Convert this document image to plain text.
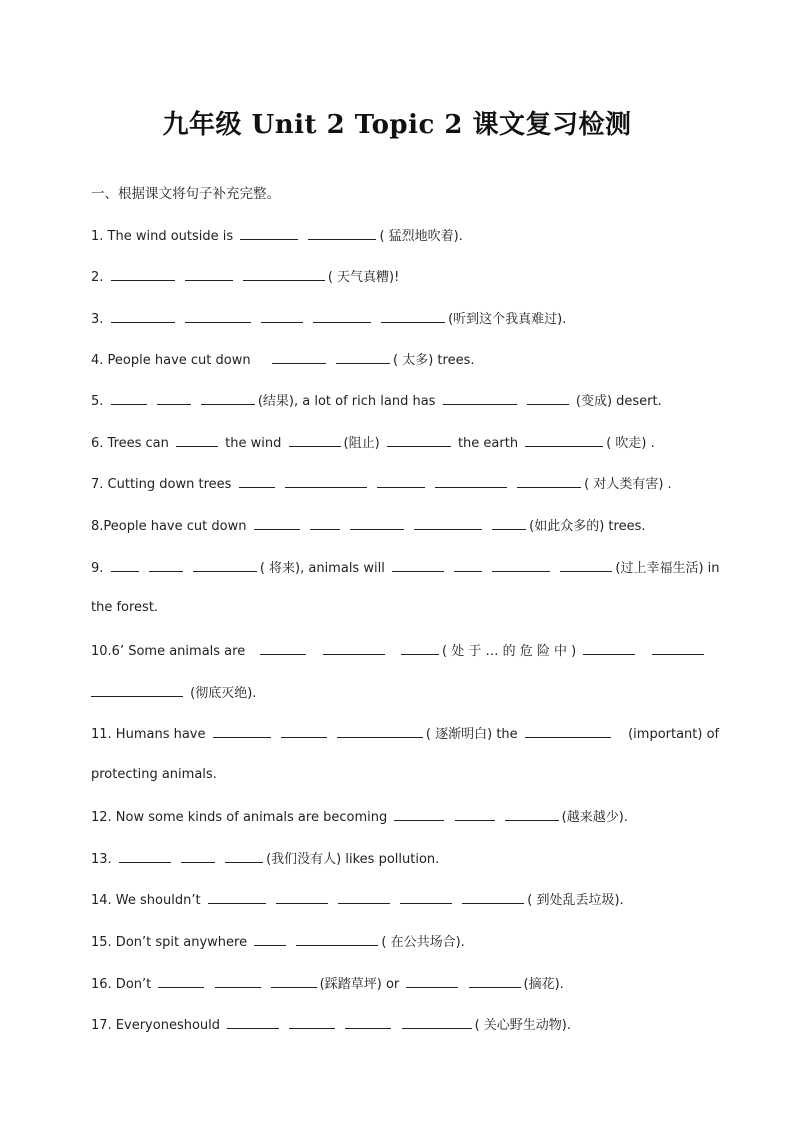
九年级 Unit 2 Topic 2 课文复习检测
一、根据课文将句子补充完整。
1. The wind outside is	( 猛烈地吹着).
2.	( 天气真糟)!
3.	(听到这个我真难过).
4. People have cut down	( 太多) trees.
5.	(结果), a lot of rich land has	(变成) desert.
6. Trees can	the wind	(阻止)	the earth	( 吹走) .
7. Cutting down trees	( 对人类有害) .
8.People have cut down	(如此众多的) trees.
9.	( 将来), animals will	(过上幸福生活) in
the forest.
10.6’ Some animals are	( 处 于 … 的 危 险 中 )
(彻底灭绝).
11. Humans have	( 逐渐明白) the	(important) of
protecting animals.
12. Now some kinds of animals are becoming	(越来越少).
13.	(我们没有人) likes pollution.
14. We shouldn’t	( 到处乱丢垃圾).
15. Don’t spit anywhere	( 在公共场合).
16. Don’t	(踩踏草坪) or	(摘花).
17. Everyoneshould	( 关心野生动物).
